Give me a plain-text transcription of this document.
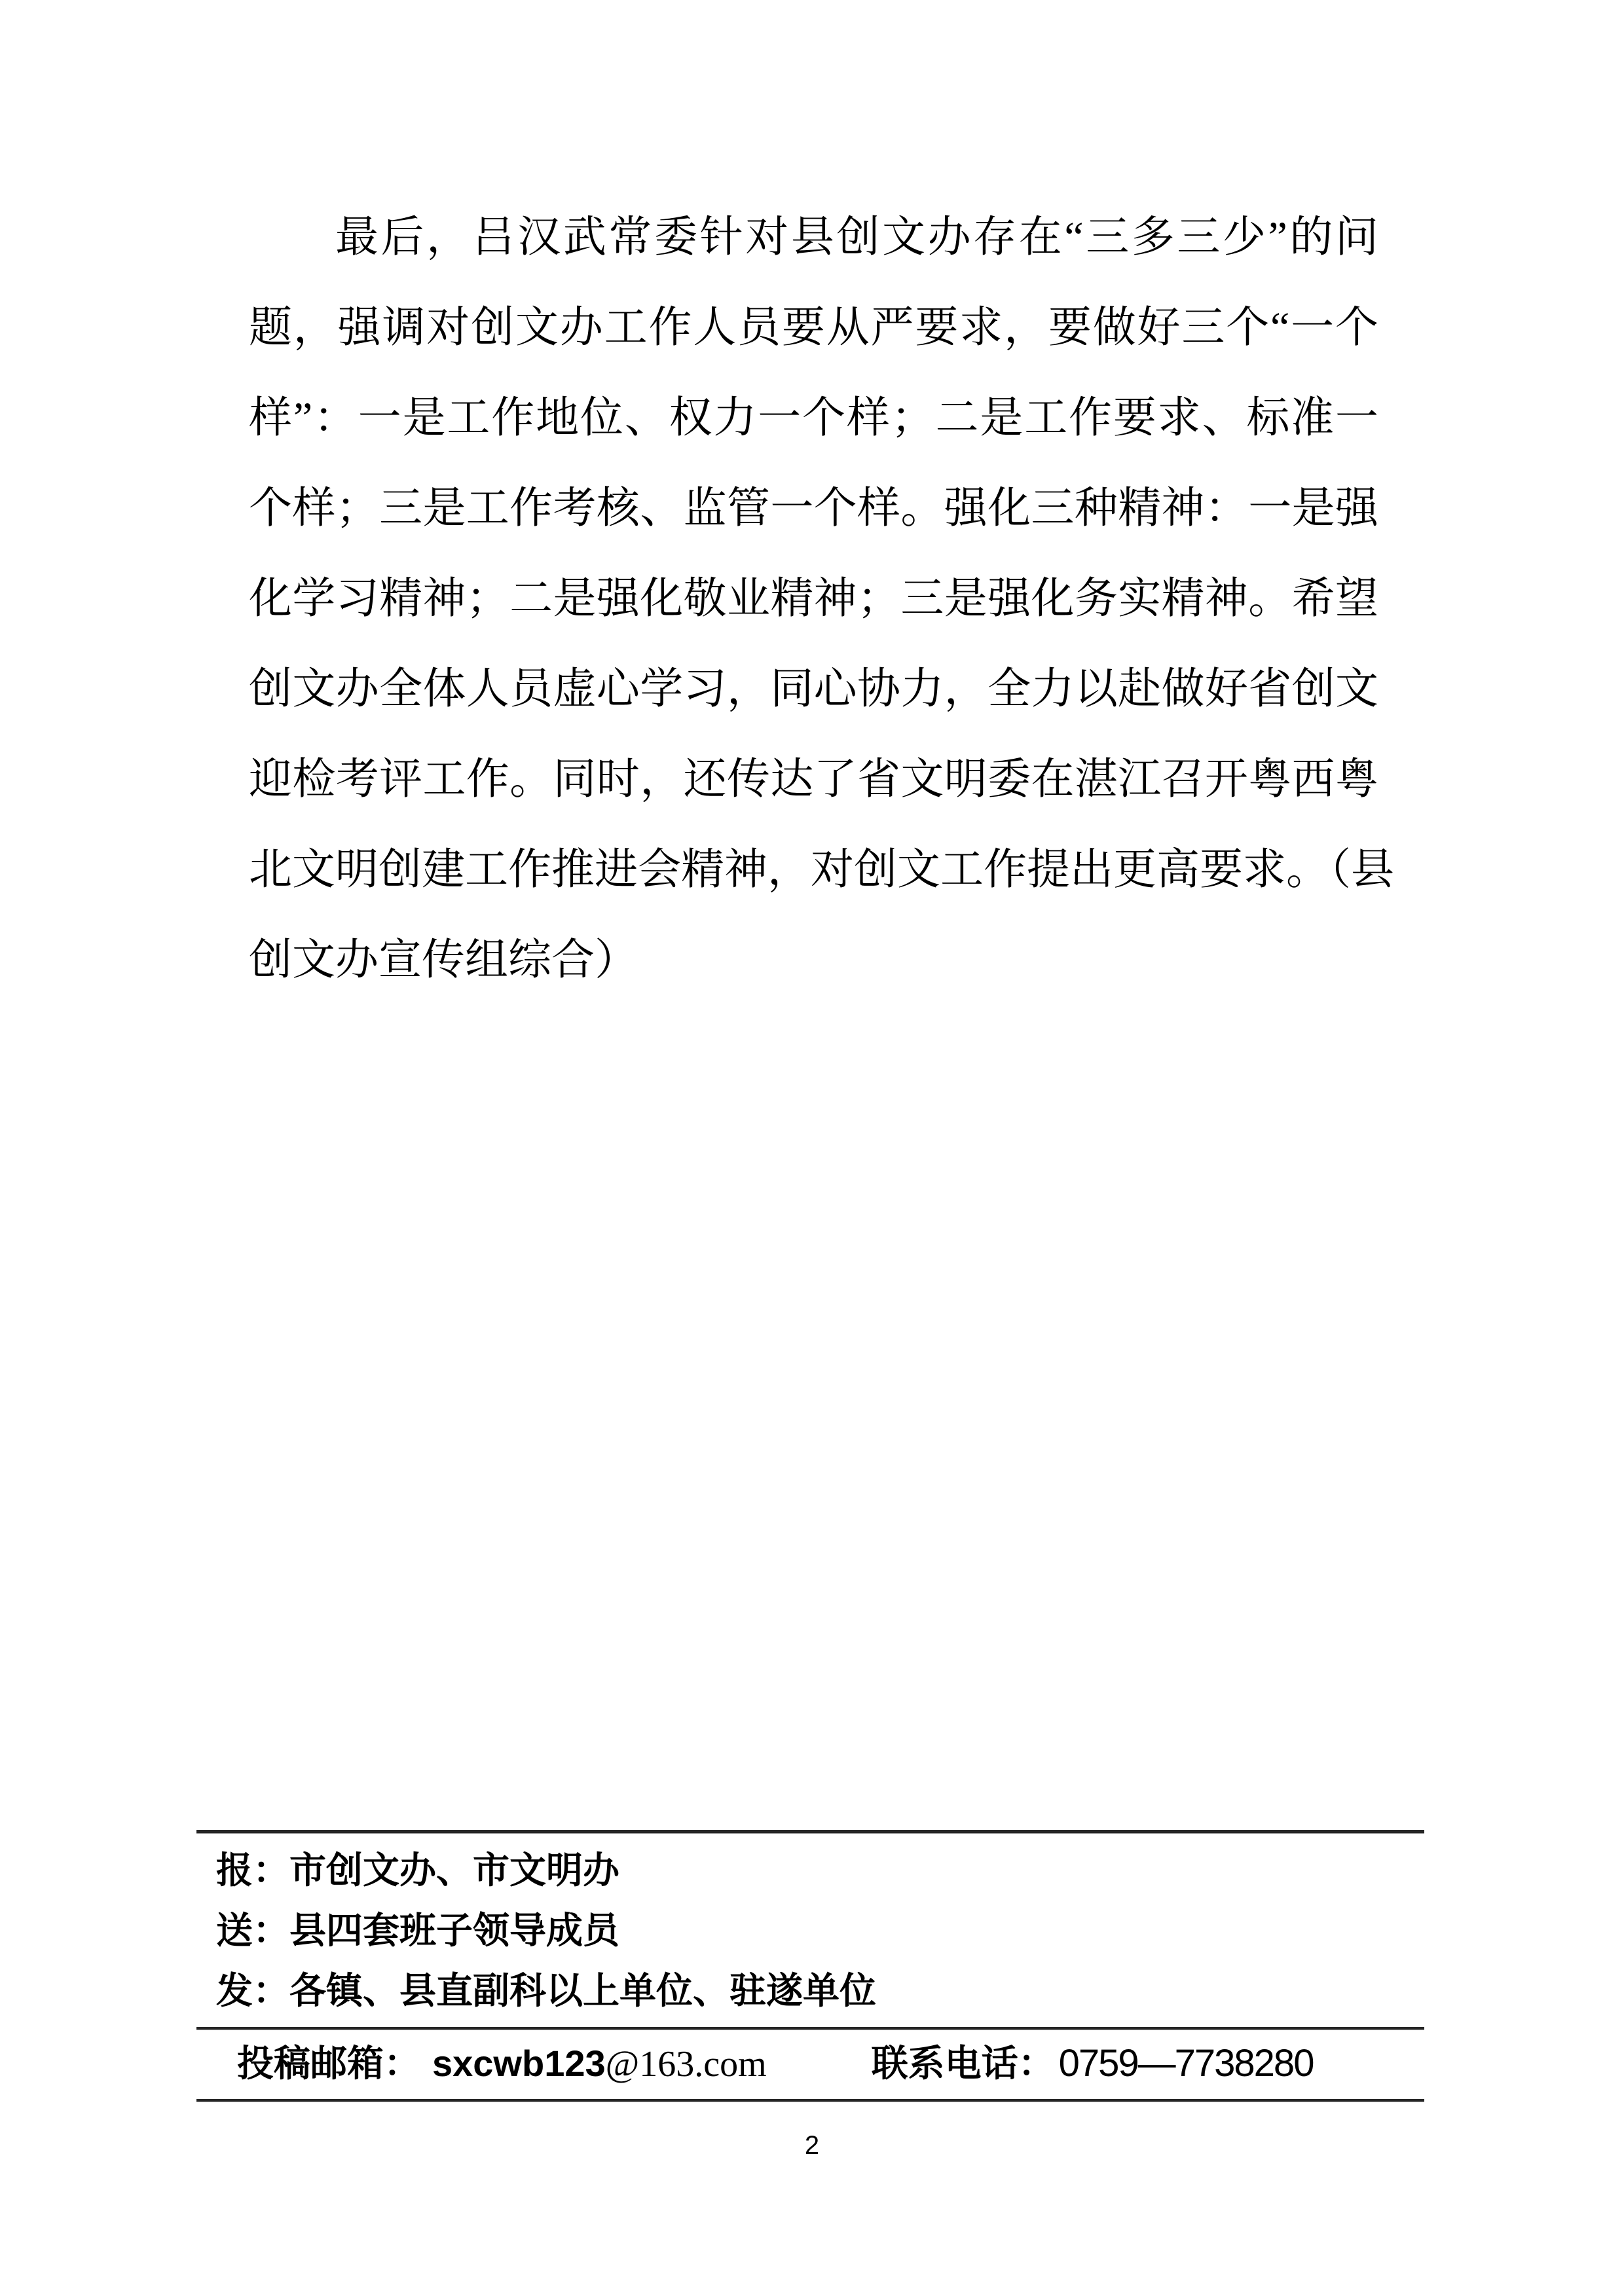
最后，吕汉武常委针对县创文办存在“三多三少”的问
题，强调对创文办工作人员要从严要求，要做好三个“一个
样”：一是工作地位、权力一个样；二是工作要求、标准一
个样；三是工作考核、监管一个样。强化三种精神：一是强
化学习精神；二是强化敬业精神；三是强化务实精神。希望
创文办全体人员虚心学习，同心协力，全力以赴做好省创文
迎检考评工作。同时，还传达了省文明委在湛江召开粤西粤
北文明创建工作推进会精神，对创文工作提出更高要求。（县
创文办宣传组综合）
报：市创文办、市文明办
送：县四套班子领导成员
发：各镇、县直副科以上单位、驻遂单位
投稿邮箱： sxcwb123@163.com	联系电话： 0759—7738280
2
